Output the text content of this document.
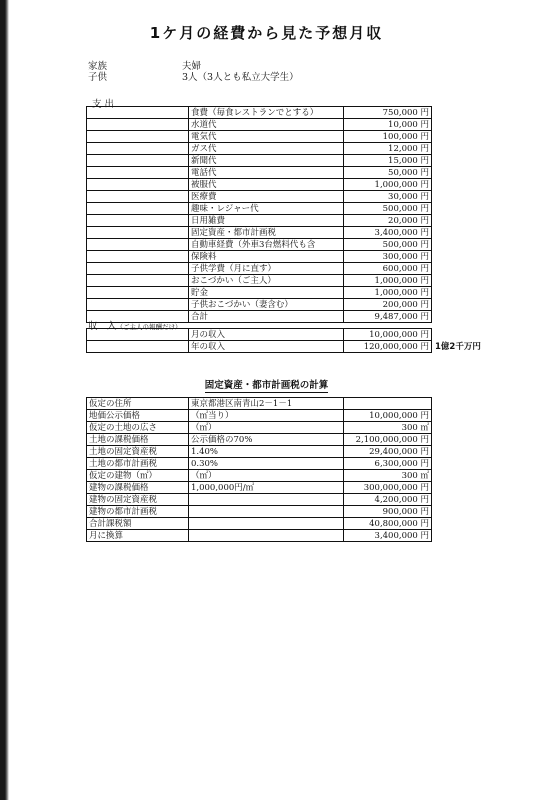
1ケ月の経費から見た予想月収
家族	夫婦
子供	3人（3人とも私立大学生）
支 出
	食費（毎食レストランでとする）	750,000 円
	水道代	10,000 円
	電気代	100,000 円
	ガス代	12,000 円
	新聞代	15,000 円
	電話代	50,000 円
	被服代	1,000,000 円
	医療費	30,000 円
	趣味・レジャー代	500,000 円
	日用雑費	20,000 円
	固定資産・都市計画税	3,400,000 円
	自動車経費（外車3台燃料代も含	500,000 円
	保険料	300,000 円
	子供学費（月に直す）	600,000 円
	おこづかい（ご主人）	1,000,000 円
	貯金	1,000,000 円
	子供おこづかい（妻含む）	200,000 円
	合計	9,487,000 円
収　入（ご主人の報酬だけ）
	月の収入	10,000,000 円
	年の収入	120,000,000 円 1億2千万円
固定資産・都市計画税の計算
仮定の住所	東京都港区南青山2－1－1	
地価公示価格	（㎡当り）	10,000,000 円
仮定の土地の広さ	（㎡）	300 ㎡
土地の課税価格	公示価格の70%	2,100,000,000 円
土地の固定資産税	1.40%	29,400,000 円
土地の都市計画税	0.30%	6,300,000 円
仮定の建物（㎡）	（㎡）	300 ㎡
建物の課税価格	1,000,000円/㎡	300,000,000 円
建物の固定資産税		4,200,000 円
建物の都市計画税		900,000 円
合計課税額		40,800,000 円
月に換算		3,400,000 円
